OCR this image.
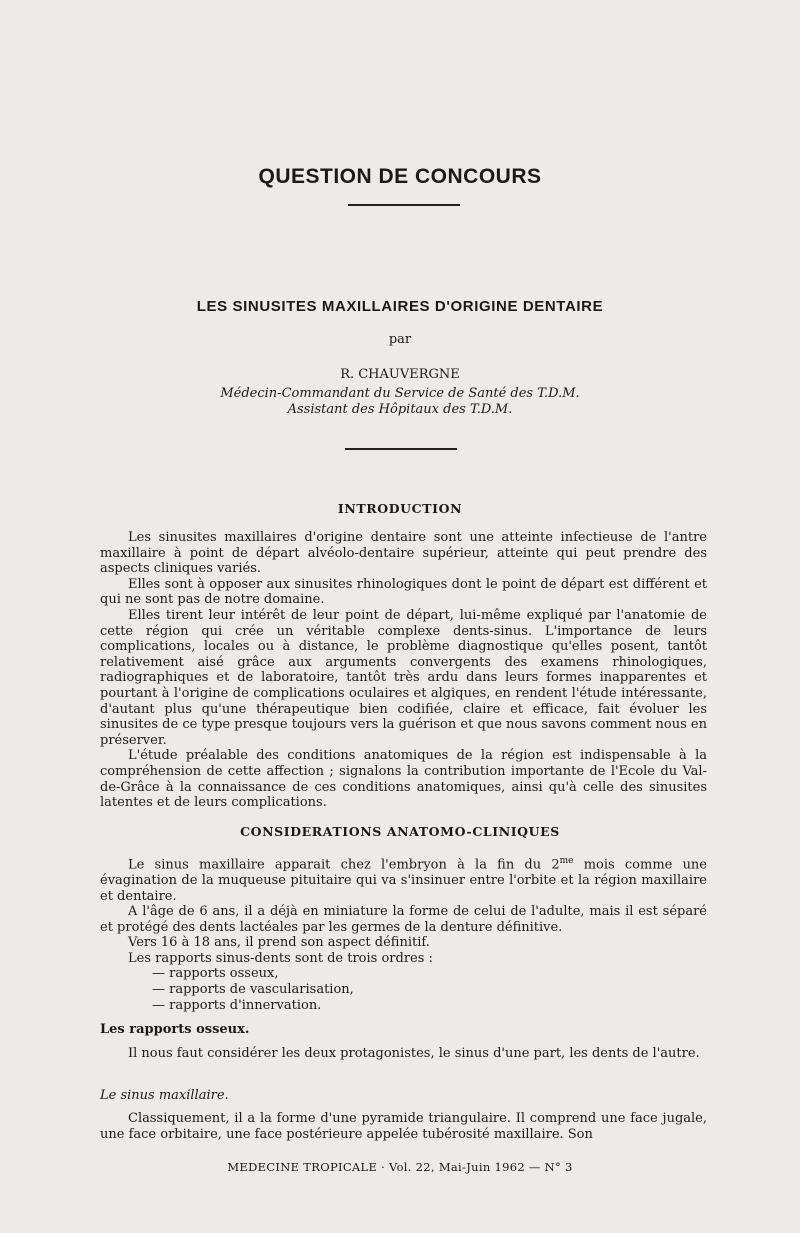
QUESTION DE CONCOURS
LES SINUSITES MAXILLAIRES D'ORIGINE DENTAIRE
par
R. CHAUVERGNE
Médecin-Commandant du Service de Santé des T.D.M.
Assistant des Hôpitaux des T.D.M.
INTRODUCTION

Les sinusites maxillaires d'origine dentaire sont une atteinte infectieuse de l'antre maxillaire à point de départ alvéolo-dentaire supérieur, atteinte qui peut prendre des aspects cliniques variés.

Elles sont à opposer aux sinusites rhinologiques dont le point de départ est différent et qui ne sont pas de notre domaine.

Elles tirent leur intérêt de leur point de départ, lui-même expliqué par l'anatomie de cette région qui crée un véritable complexe dents-sinus. L'importance de leurs complications, locales ou à distance, le problème diagnostique qu'elles posent, tantôt relativement aisé grâce aux arguments convergents des examens rhinologiques, radiographiques et de laboratoire, tantôt très ardu dans leurs formes inapparentes et pourtant à l'origine de complications oculaires et algiques, en rendent l'étude intéressante, d'autant plus qu'une thérapeutique bien codifiée, claire et efficace, fait évoluer les sinusites de ce type presque toujours vers la guérison et que nous savons comment nous en préserver.

L'étude préalable des conditions anatomiques de la région est indispensable à la compréhension de cette affection ; signalons la contribution importante de l'Ecole du Val-de-Grâce à la connaissance de ces conditions anatomiques, ainsi qu'à celle des sinusites latentes et de leurs complications.

CONSIDERATIONS ANATOMO-CLINIQUES

Le sinus maxillaire apparait chez l'embryon à la fin du $2^{me}$ mois comme une évagination de la muqueuse pituitaire qui va s'insinuer entre l'orbite et la région maxillaire et dentaire.

A l'âge de 6 ans, il a déjà en miniature la forme de celui de l'adulte, mais il est séparé et protégé des dents lactéales par les germes de la denture définitive.

Vers 16 à 18 ans, il prend son aspect définitif.

Les rapports sinus-dents sont de trois ordres :

— rapports osseux,

— rapports de vascularisation,

— rapports d'innervation.

Les rapports osseux.

Il nous faut considérer les deux protagonistes, le sinus d'une part, les dents de l'autre.

Le sinus maxillaire.

Classiquement, il a la forme d'une pyramide triangulaire. Il comprend une face jugale, une face orbitaire, une face postérieure appelée tubérosité maxillaire. Son

MEDECINE TROPICALE · Vol. 22, Mai-Juin 1962 — N° 3
